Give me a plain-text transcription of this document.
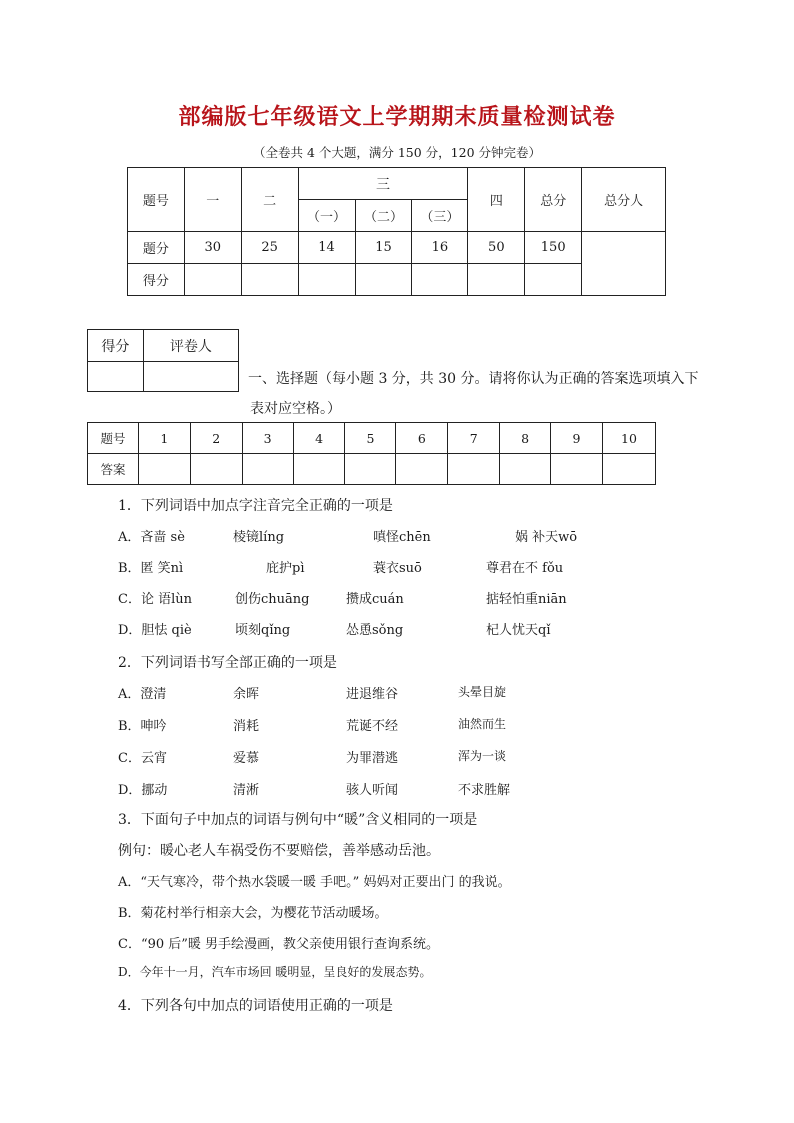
部编版七年级语文上学期期末质量检测试卷
（全卷共 4 个大题，满分 150 分，120 分钟完卷）
题号	一	二	三			四	总分	总分人
			（一）	（二）	（三）			
题分	30	25	14	15	16	50	150	
得分								
得分	评卷人

一、选择题（每小题 3 分，共 30 分。请将你认为正确的答案选项填入下
表对应空格。）
题号	1	2	3	4	5	6	7	8	9	10
答案										
1．下列词语中加点字注音完全正确的一项是
A．吝啬 sè	棱镜líng	嗔怪chēn	娲 补天wō
B．匿 笑nì	庇护pì	蓑衣suō	尊君在不 fǒu
C．论 语lùn	创伤chuāng	攒成cuán	掂轻怕重niān
D．胆怯 qiè	顷刻qǐng	怂恿sǒng	杞人忧天qǐ
2．下列词语书写全部正确的一项是
A．澄清	余晖	进退维谷	头晕目旋
B．呻吟	消耗	荒诞不经	油然而生
C．云宵	爱慕	为罪潜逃	浑为一谈
D．挪动	清淅	骇人听闻	不求胜解
3．下面句子中加点的词语与例句中“暖”含义相同的一项是
例句：暖心老人车祸受伤不要赔偿，善举感动岳池。
A．“天气寒冷，带个热水袋暖一暖 手吧。” 妈妈对正要出门 的我说。
B．菊花村举行相亲大会，为樱花节活动暖场。
C．“90 后”暖 男手绘漫画，教父亲使用银行查询系统。
D．今年十一月，汽车市场回 暖明显，呈良好的发展态势。
4．下列各句中加点的词语使用正确的一项是
